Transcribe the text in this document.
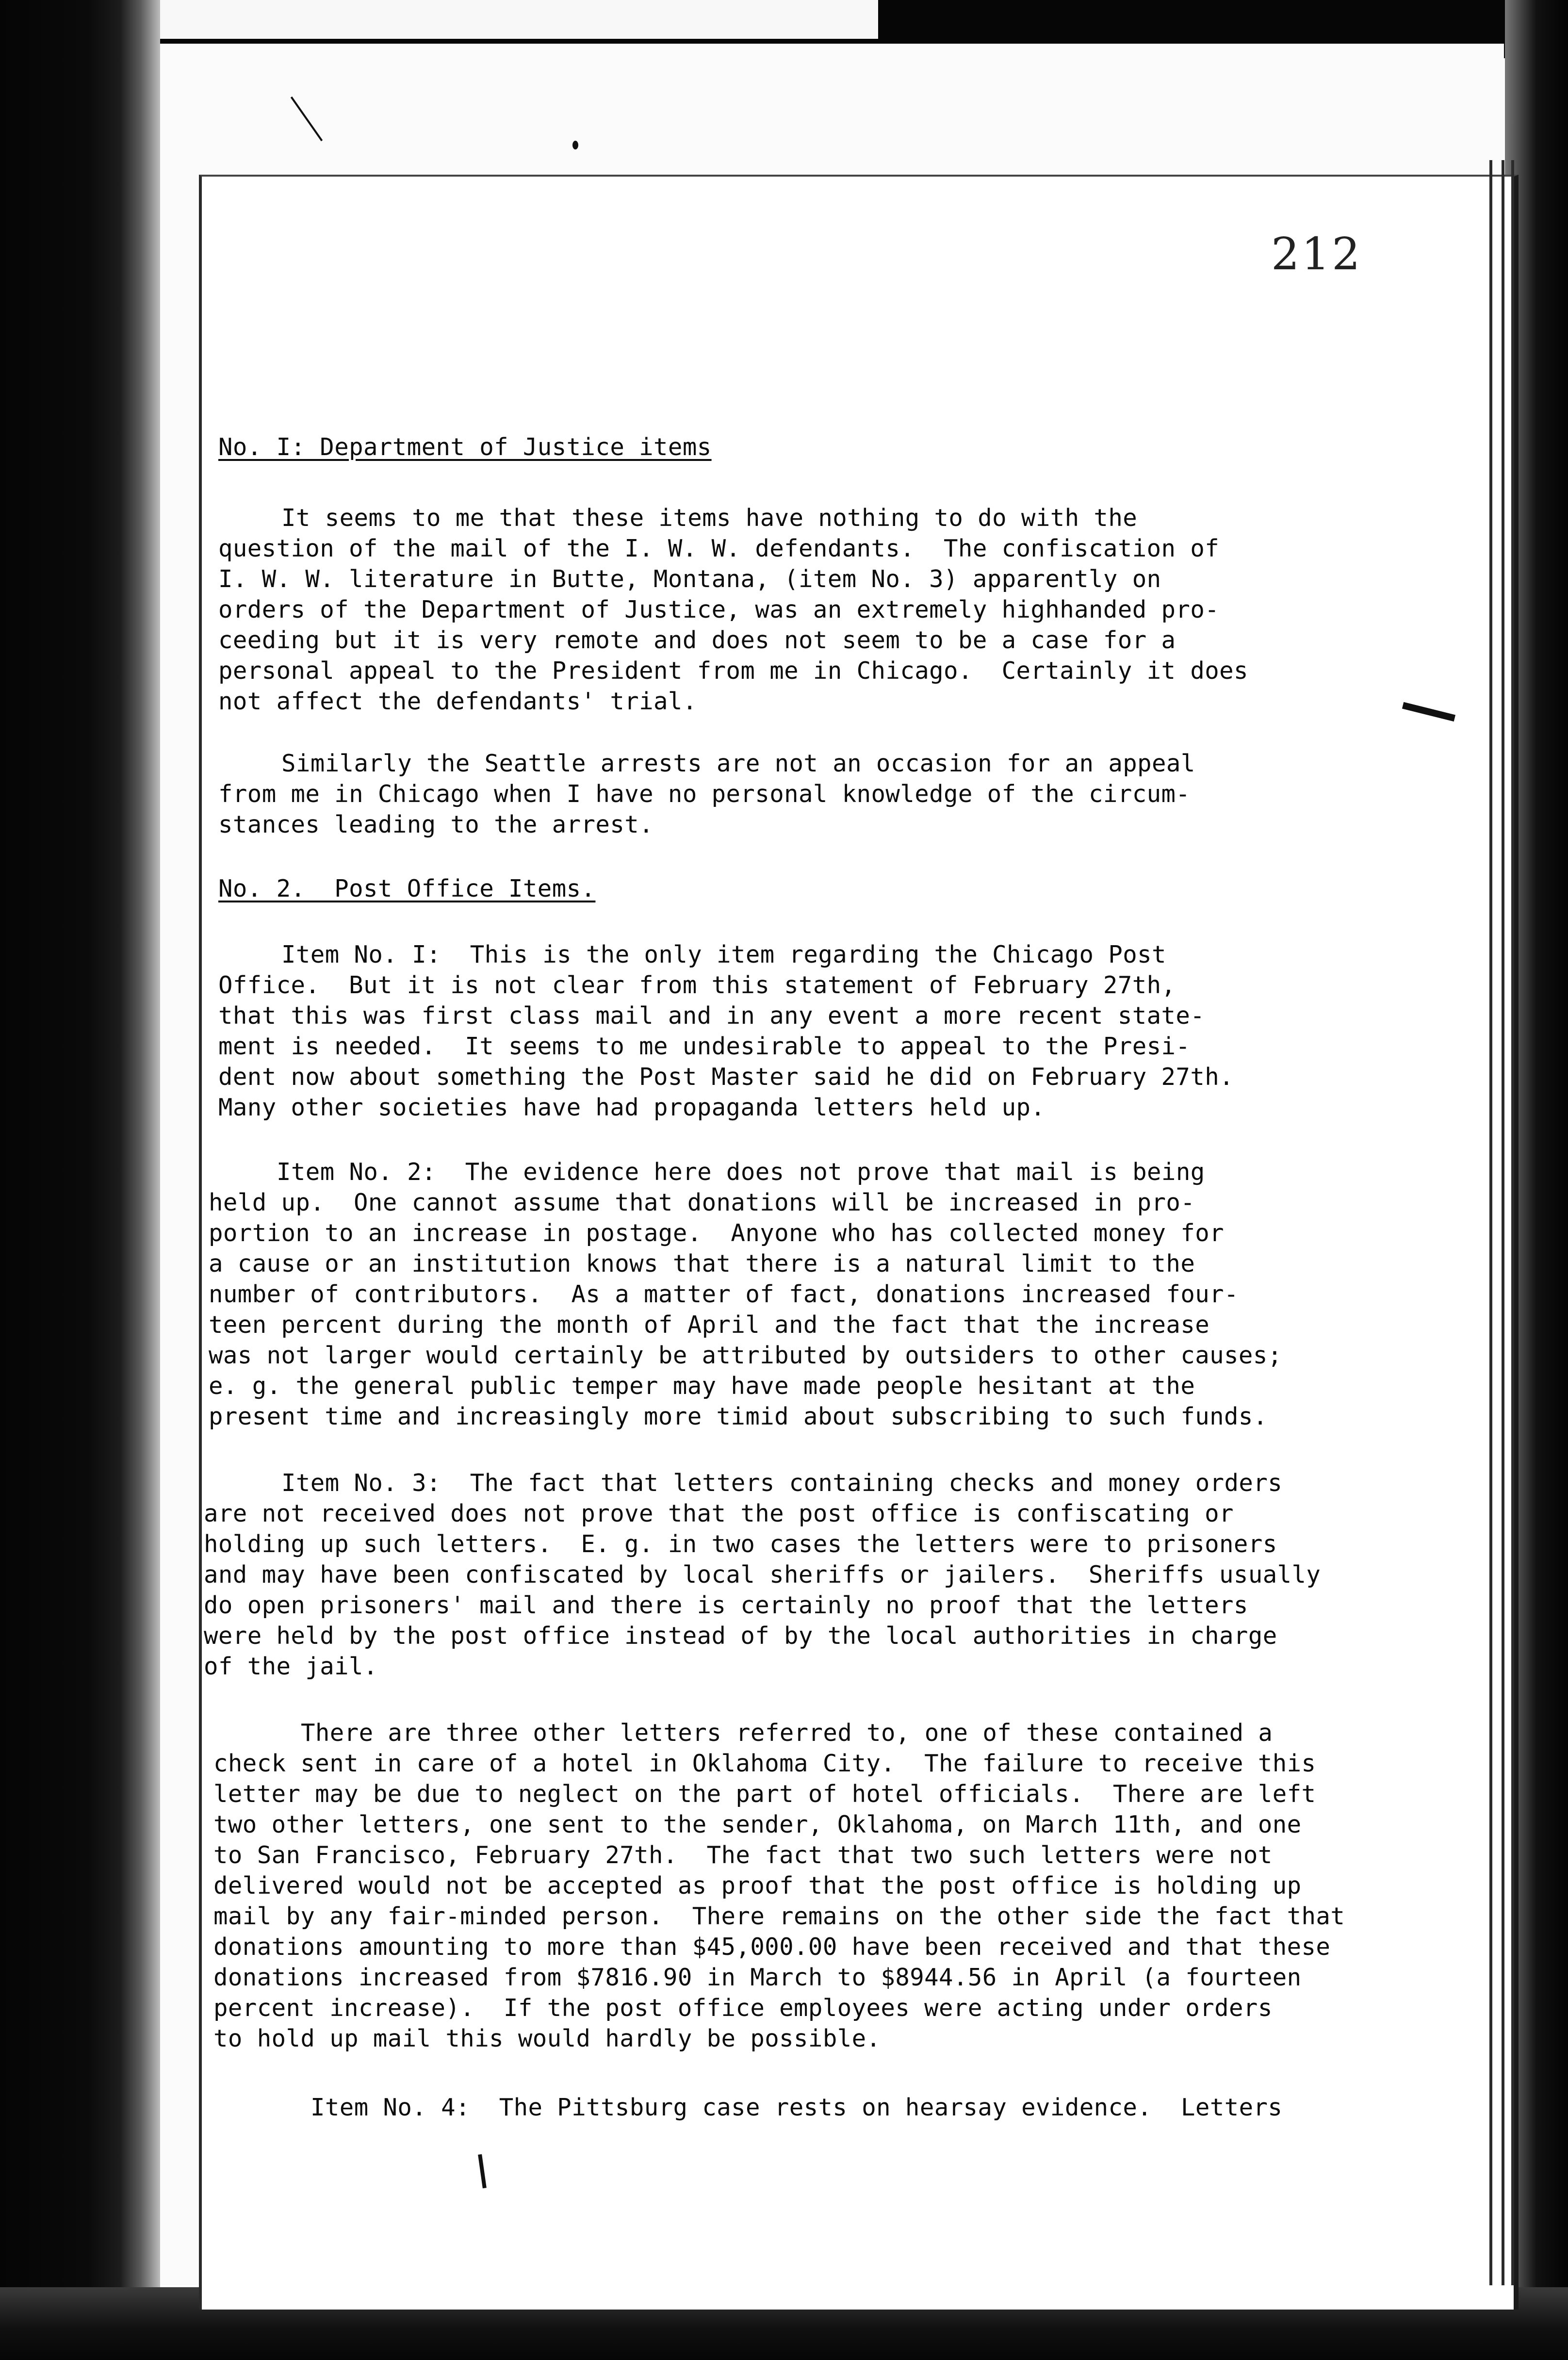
212
No. I: Department of Justice items
It seems to me that these items have nothing to do with the
question of the mail of the I. W. W. defendants.  The confiscation of
I. W. W. literature in Butte, Montana, (item No. 3) apparently on
orders of the Department of Justice, was an extremely highhanded pro-
ceeding but it is very remote and does not seem to be a case for a
personal appeal to the President from me in Chicago.  Certainly it does
not affect the defendants' trial.
Similarly the Seattle arrests are not an occasion for an appeal
from me in Chicago when I have no personal knowledge of the circum-
stances leading to the arrest.
No. 2.  Post Office Items.
Item No. I:  This is the only item regarding the Chicago Post
Office.  But it is not clear from this statement of February 27th,
that this was first class mail and in any event a more recent state-
ment is needed.  It seems to me undesirable to appeal to the Presi-
dent now about something the Post Master said he did on February 27th.
Many other societies have had propaganda letters held up.
Item No. 2:  The evidence here does not prove that mail is being
held up.  One cannot assume that donations will be increased in pro-
portion to an increase in postage.  Anyone who has collected money for
a cause or an institution knows that there is a natural limit to the
number of contributors.  As a matter of fact, donations increased four-
teen percent during the month of April and the fact that the increase
was not larger would certainly be attributed by outsiders to other causes;
e. g. the general public temper may have made people hesitant at the
present time and increasingly more timid about subscribing to such funds.
Item No. 3:  The fact that letters containing checks and money orders
are not received does not prove that the post office is confiscating or
holding up such letters.  E. g. in two cases the letters were to prisoners
and may have been confiscated by local sheriffs or jailers.  Sheriffs usually
do open prisoners' mail and there is certainly no proof that the letters
were held by the post office instead of by the local authorities in charge
of the jail.
There are three other letters referred to, one of these contained a
check sent in care of a hotel in Oklahoma City.  The failure to receive this
letter may be due to neglect on the part of hotel officials.  There are left
two other letters, one sent to the sender, Oklahoma, on March 11th, and one
to San Francisco, February 27th.  The fact that two such letters were not
delivered would not be accepted as proof that the post office is holding up
mail by any fair-minded person.  There remains on the other side the fact that
donations amounting to more than $45,000.00 have been received and that these
donations increased from $7816.90 in March to $8944.56 in April (a fourteen
percent increase).  If the post office employees were acting under orders
to hold up mail this would hardly be possible.
Item No. 4:  The Pittsburg case rests on hearsay evidence.  Letters
